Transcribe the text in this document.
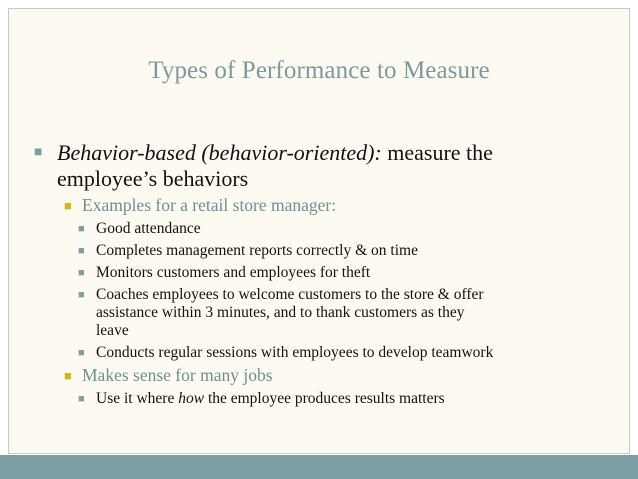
Types of Performance to Measure
■ Behavior-based (behavior-oriented): measure the
employee’s behaviors
■ Examples for a retail store manager:
■ Good attendance
■ Completes management reports correctly & on time
■ Monitors customers and employees for theft
■ Coaches employees to welcome customers to the store & offer
assistance within 3 minutes, and to thank customers as they
leave
■ Conducts regular sessions with employees to develop teamwork
■ Makes sense for many jobs
■ Use it where how the employee produces results matters
